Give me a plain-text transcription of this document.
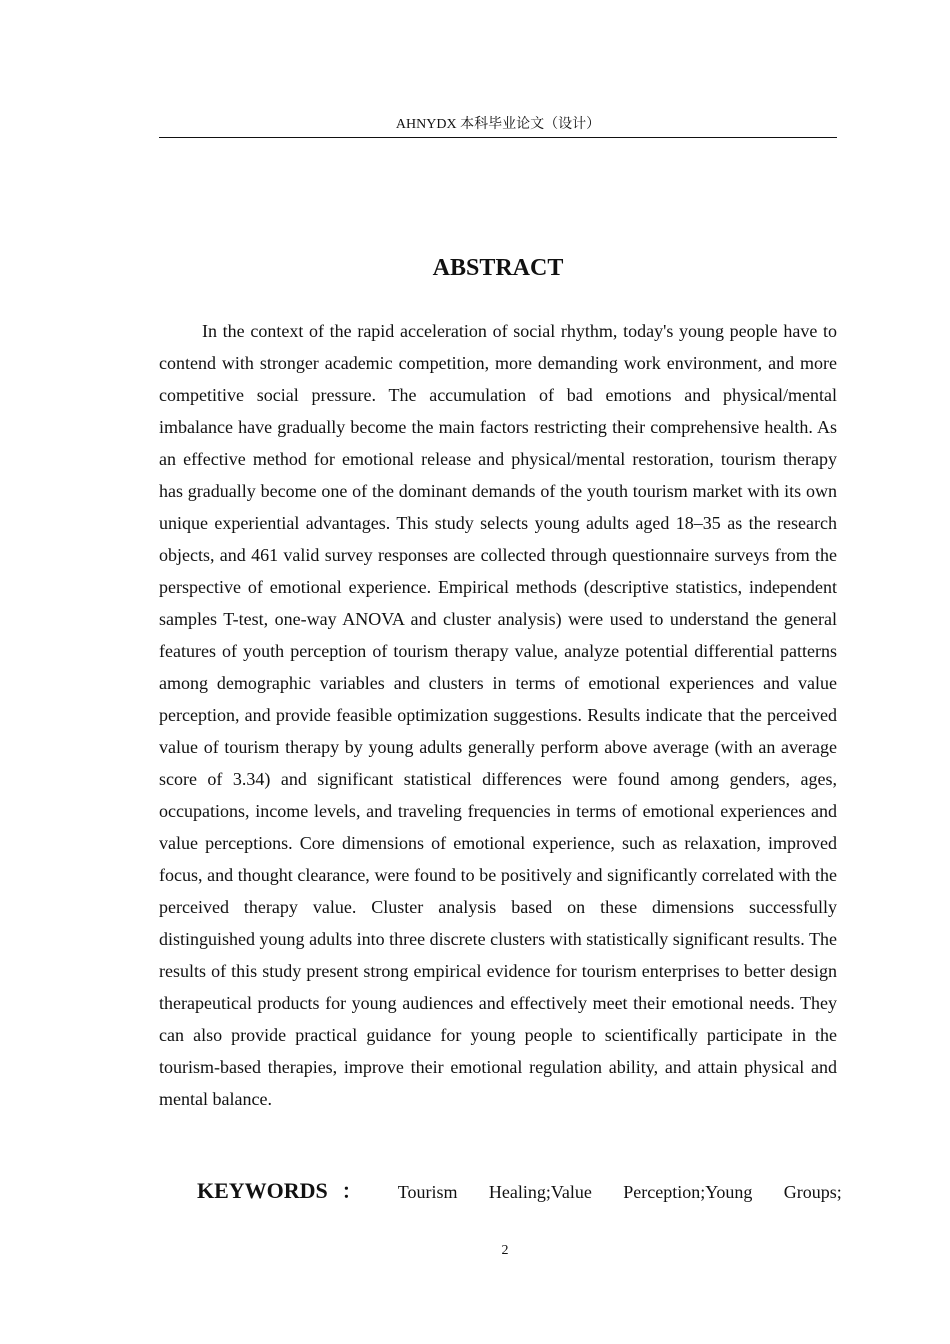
AHNYDX 本科毕业论文（设计）
ABSTRACT

In the context of the rapid acceleration of social rhythm, today's young people have to contend with stronger academic competition, more demanding work environment, and more competitive social pressure. The accumulation of bad emotions and physical/mental imbalance have gradually become the main factors restricting their comprehensive health. As an effective method for emotional release and physical/mental restoration, tourism therapy has gradually become one of the dominant demands of the youth tourism market with its own unique experiential advantages. This study selects young adults aged 18–35 as the research objects, and 461 valid survey responses are collected through questionnaire surveys from the perspective of emotional experience. Empirical methods (descriptive statistics, independent samples T-test, one-way ANOVA and cluster analysis) were used to understand the general features of youth perception of tourism therapy value, analyze potential differential patterns among demographic variables and clusters in terms of emotional experiences and value perception, and provide feasible optimization suggestions. Results indicate that the perceived value of tourism therapy by young adults generally perform above average (with an average score of 3.34) and significant statistical differences were found among genders, ages, occupations, income levels, and traveling frequencies in terms of emotional experiences and value perceptions. Core dimensions of emotional experience, such as relaxation, improved focus, and thought clearance, were found to be positively and significantly correlated with the perceived therapy value. Cluster analysis based on these dimensions successfully distinguished young adults into three discrete clusters with statistically significant results. The results of this study present strong empirical evidence for tourism enterprises to better design therapeutical products for young audiences and effectively meet their emotional needs. They can also provide practical guidance for young people to scientifically participate in the tourism-based therapies, improve their emotional regulation ability, and attain physical and mental balance.

KEYWORDS ： Tourism Healing;Value Perception;Young Groups;

2
